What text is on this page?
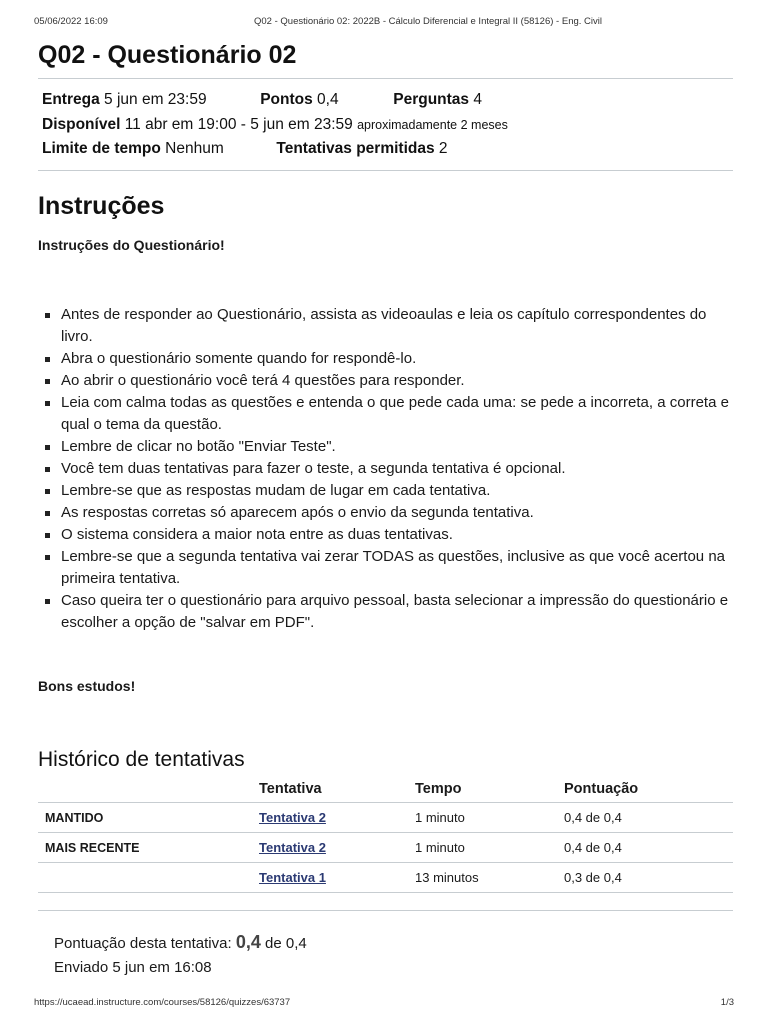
05/06/2022 16:09	Q02 - Questionário 02: 2022B - Cálculo Diferencial e Integral II (58126) - Eng. Civil
Q02 - Questionário 02
Entrega 5 jun em 23:59	Pontos 0,4	Perguntas 4
Disponível 11 abr em 19:00 - 5 jun em 23:59 aproximadamente 2 meses
Limite de tempo Nenhum	Tentativas permitidas 2
Instruções
Instruções do Questionário!
Antes de responder ao Questionário, assista as videoaulas e leia os capítulo correspondentes do livro.
Abra o questionário somente quando for respondê-lo.
Ao abrir o questionário você terá 4 questões para responder.
Leia com calma todas as questões e entenda o que pede cada uma: se pede a incorreta, a correta e qual o tema da questão.
Lembre de clicar no botão "Enviar Teste".
Você tem duas tentativas para fazer o teste, a segunda tentativa é opcional.
Lembre-se que as respostas mudam de lugar em cada tentativa.
As respostas corretas só aparecem após o envio da segunda tentativa.
O sistema considera a maior nota entre as duas tentativas.
Lembre-se que a segunda tentativa vai zerar TODAS as questões, inclusive as que você acertou na primeira tentativa.
Caso queira ter o questionário para arquivo pessoal, basta selecionar a impressão do questionário e escolher a opção de "salvar em PDF".
Bons estudos!
Histórico de tentativas
	Tentativa	Tempo	Pontuação
MANTIDO	Tentativa 2	1 minuto	0,4 de 0,4
MAIS RECENTE	Tentativa 2	1 minuto	0,4 de 0,4
	Tentativa 1	13 minutos	0,3 de 0,4
Pontuação desta tentativa: 0,4 de 0,4
Enviado 5 jun em 16:08
https://ucaead.instructure.com/courses/58126/quizzes/63737	1/3
